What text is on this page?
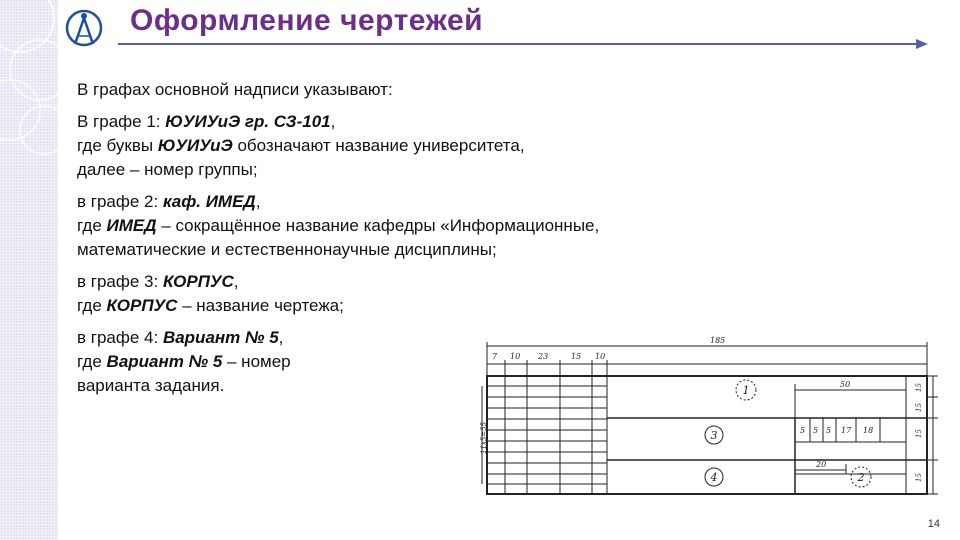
Оформление чертежей

В графах основной надписи указывают:

В графе 1: ЮУИУиЭ гр. СЗ-101,
где буквы ЮУИУиЭ обозначают название университета,
далее – номер группы;

в графе 2: каф. ИМЕД,
где ИМЕД – сокращённое название кафедры «Информационные,
математические и естественнонаучные дисциплины;

в графе 3: КОРПУС,
где КОРПУС – название чертежа;

в графе 4: Вариант № 5,
где Вариант № 5 – номер
варианта задания.

7 10 23	15 10
185
50
5 5 5 17 18
20
15
15
15
15
11х5=55
1
2
3
4
14
